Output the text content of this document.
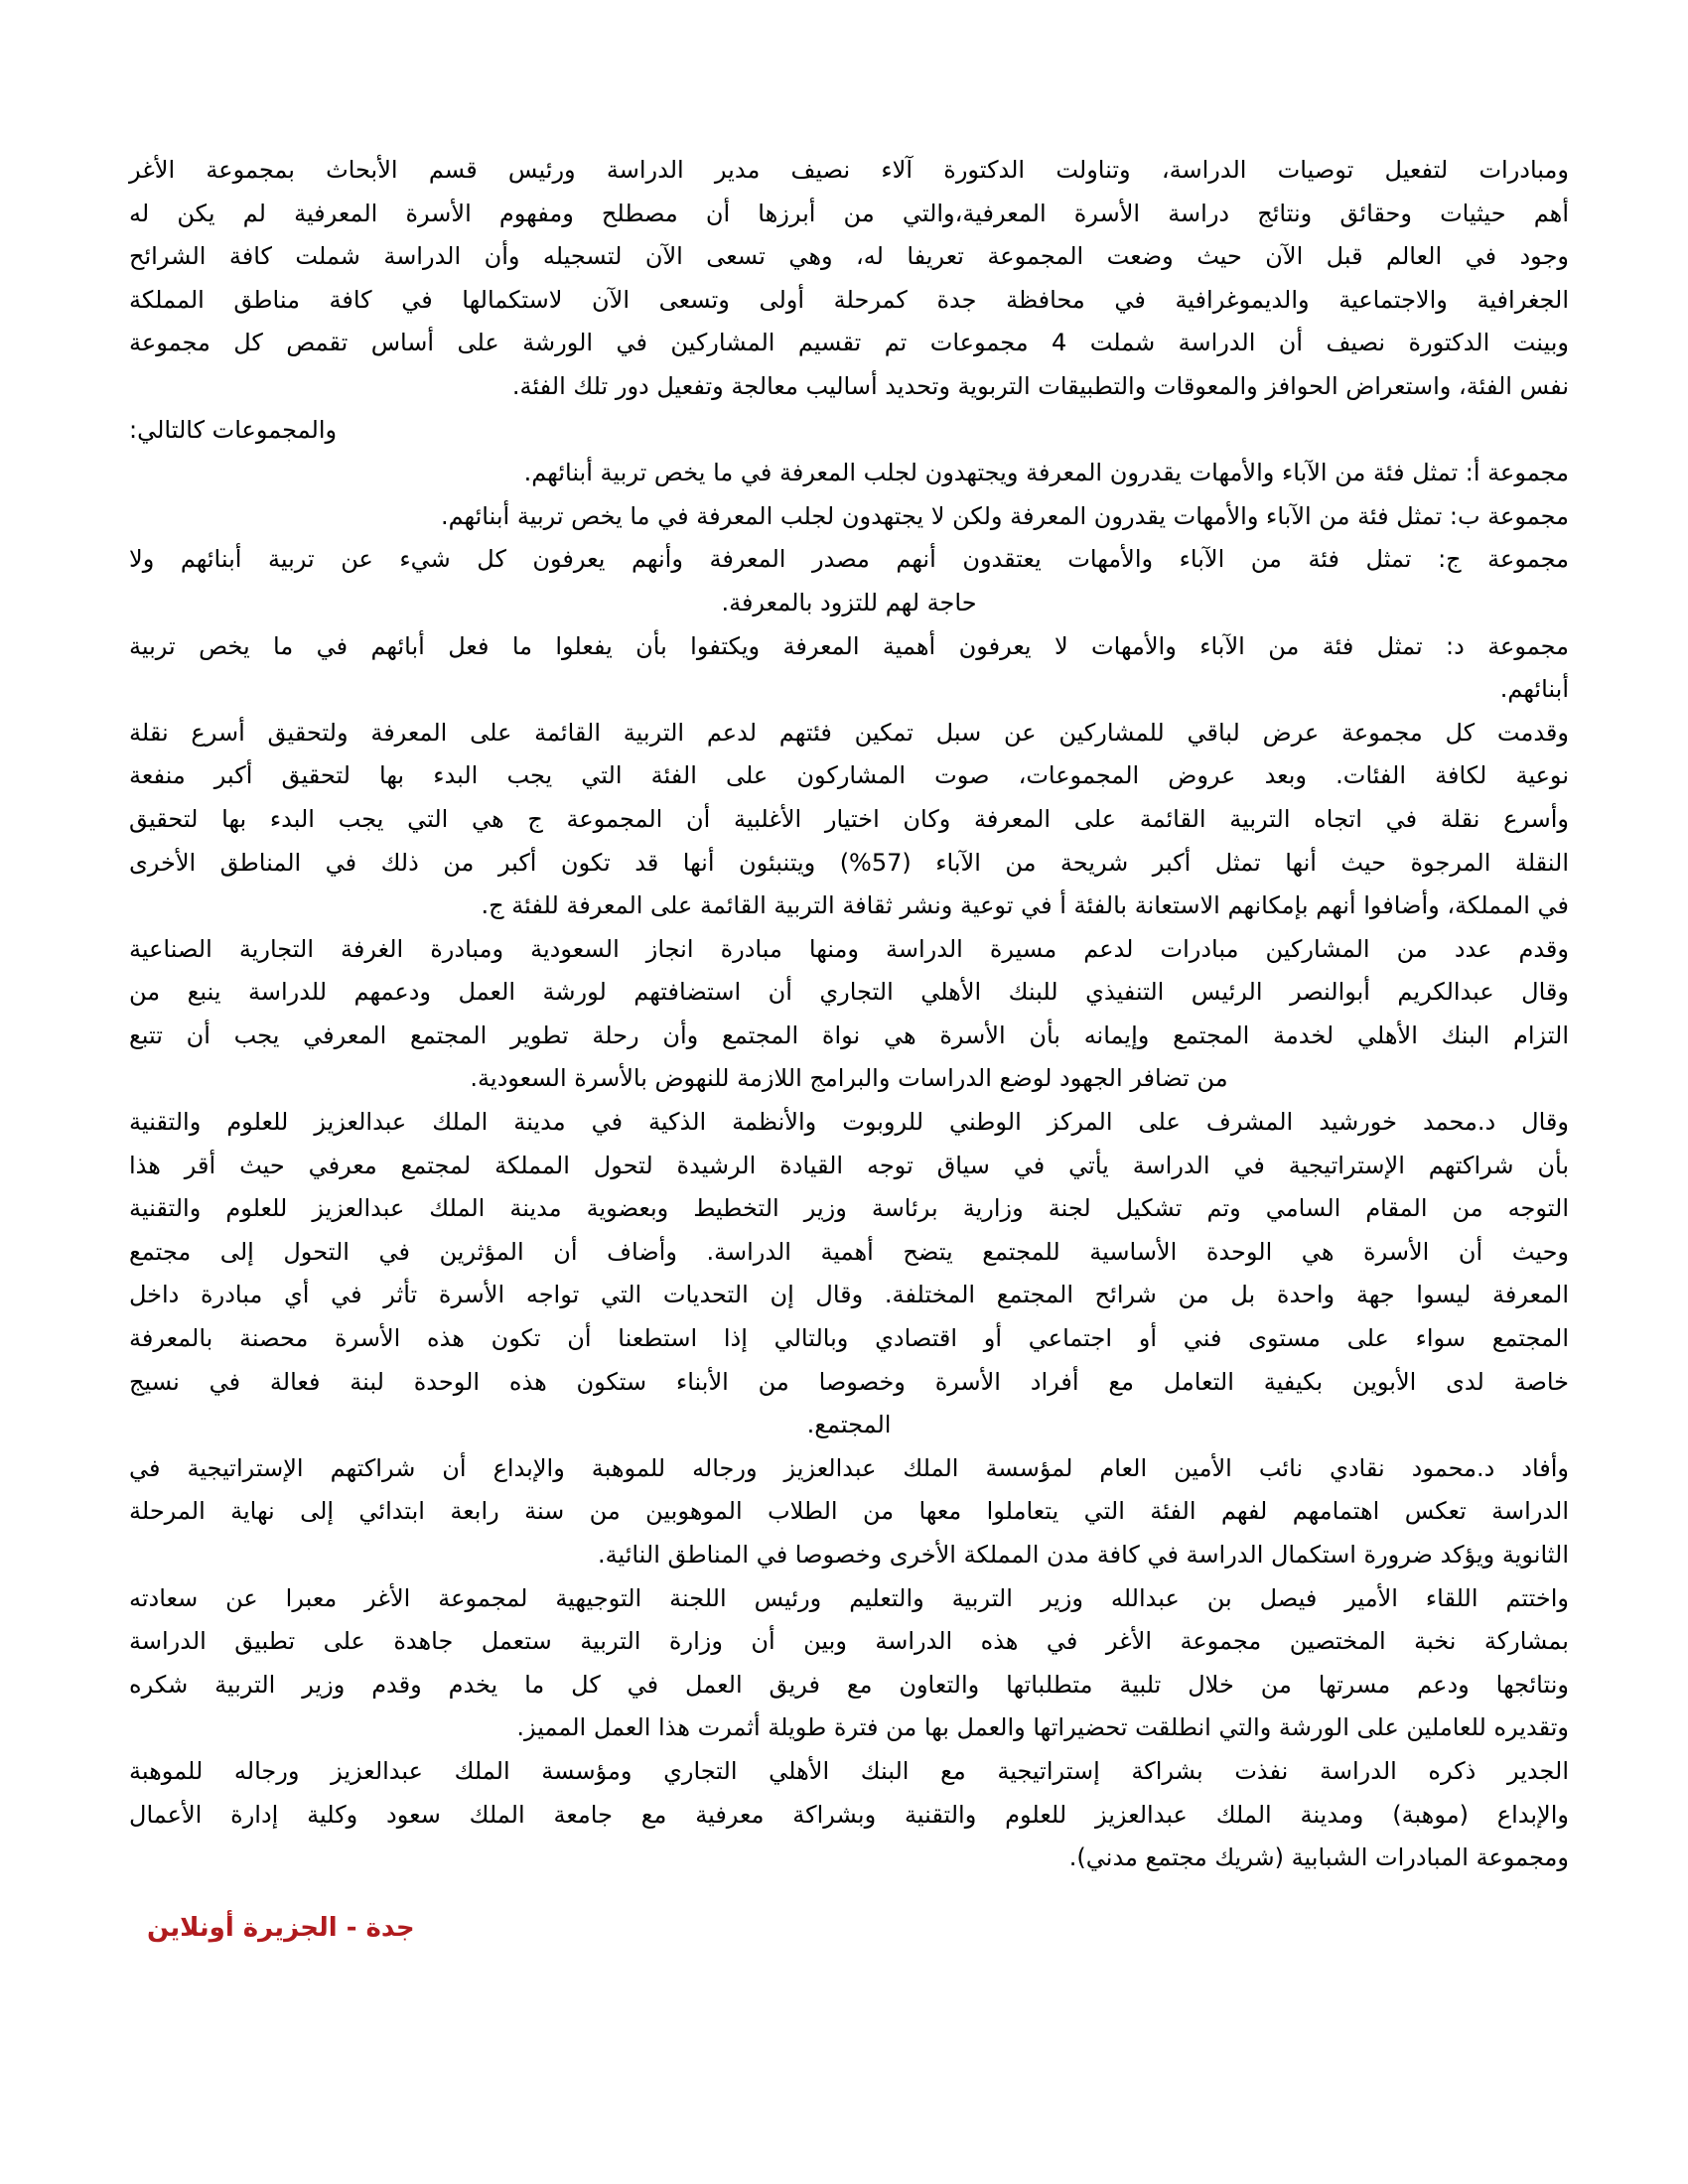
ومبادرات لتفعيل توصيات الدراسة، وتناولت الدكتورة آلاء نصيف مدير الدراسة ورئيس قسم الأبحاث بمجموعة الأغر
أهم حيثيات وحقائق ونتائج دراسة الأسرة المعرفية،والتي من أبرزها أن مصطلح ومفهوم الأسرة المعرفية لم يكن له
وجود في العالم قبل الآن حيث وضعت المجموعة تعريفا له، وهي تسعى الآن لتسجيله وأن الدراسة شملت كافة الشرائح
الجغرافية والاجتماعية والديموغرافية في محافظة جدة كمرحلة أولى وتسعى الآن لاستكمالها في كافة مناطق المملكة
وبينت الدكتورة نصيف أن الدراسة شملت 4 مجموعات تم تقسيم المشاركين في الورشة على أساس تقمص كل مجموعة
نفس الفئة، واستعراض الحوافز والمعوقات والتطبيقات التربوية وتحديد أساليب معالجة وتفعيل دور تلك الفئة.
والمجموعات كالتالي:
مجموعة أ: تمثل فئة من الآباء والأمهات يقدرون المعرفة ويجتهدون لجلب المعرفة في ما يخص تربية أبنائهم.
مجموعة ب: تمثل فئة من الآباء والأمهات يقدرون المعرفة ولكن لا يجتهدون لجلب المعرفة في ما يخص تربية أبنائهم.
مجموعة ج: تمثل فئة من الآباء والأمهات يعتقدون أنهم مصدر المعرفة وأنهم يعرفون كل شيء عن تربية أبنائهم ولا
حاجة لهم للتزود بالمعرفة.
مجموعة د: تمثل فئة من الآباء والأمهات لا يعرفون أهمية المعرفة ويكتفوا بأن يفعلوا ما فعل أبائهم في ما يخص تربية
أبنائهم.
وقدمت كل مجموعة عرض لباقي للمشاركين عن سبل تمكين فئتهم لدعم التربية القائمة على المعرفة ولتحقيق أسرع نقلة
نوعية لكافة الفئات. وبعد عروض المجموعات، صوت المشاركون على الفئة التي يجب البدء بها لتحقيق أكبر منفعة
وأسرع نقلة في اتجاه التربية القائمة على المعرفة وكان اختيار الأغلبية أن المجموعة ج هي التي يجب البدء بها لتحقيق
النقلة المرجوة حيث أنها تمثل أكبر شريحة من الآباء (57%) ويتنبئون أنها قد تكون أكبر من ذلك في المناطق الأخرى
في المملكة، وأضافوا أنهم بإمكانهم الاستعانة بالفئة أ في توعية ونشر ثقافة التربية القائمة على المعرفة للفئة ج.
وقدم عدد من المشاركين مبادرات لدعم مسيرة الدراسة ومنها مبادرة انجاز السعودية ومبادرة الغرفة التجارية الصناعية
وقال عبدالكريم أبوالنصر الرئيس التنفيذي للبنك الأهلي التجاري أن استضافتهم لورشة العمل ودعمهم للدراسة ينبع من
التزام البنك الأهلي لخدمة المجتمع وإيمانه بأن الأسرة هي نواة المجتمع وأن رحلة تطوير المجتمع المعرفي يجب أن تتبع
من تضافر الجهود لوضع الدراسات والبرامج اللازمة للنهوض بالأسرة السعودية.
وقال د.محمد خورشيد المشرف على المركز الوطني للروبوت والأنظمة الذكية في مدينة الملك عبدالعزيز للعلوم والتقنية
بأن شراكتهم الإستراتيجية في الدراسة يأتي في سياق توجه القيادة الرشيدة لتحول المملكة لمجتمع معرفي حيث أقر هذا
التوجه من المقام السامي وتم تشكيل لجنة وزارية برئاسة وزير التخطيط وبعضوية مدينة الملك عبدالعزيز للعلوم والتقنية
وحيث أن الأسرة هي الوحدة الأساسية للمجتمع يتضح أهمية الدراسة. وأضاف أن المؤثرين في التحول إلى مجتمع
المعرفة ليسوا جهة واحدة بل من شرائح المجتمع المختلفة. وقال إن التحديات التي تواجه الأسرة تأثر في أي مبادرة داخل
المجتمع سواء على مستوى فني أو اجتماعي أو اقتصادي وبالتالي إذا استطعنا أن تكون هذه الأسرة محصنة بالمعرفة
خاصة لدى الأبوين بكيفية التعامل مع أفراد الأسرة وخصوصا من الأبناء ستكون هذه الوحدة لبنة فعالة في نسيج
المجتمع.
وأفاد د.محمود نقادي نائب الأمين العام لمؤسسة الملك عبدالعزيز ورجاله للموهبة والإبداع أن شراكتهم الإستراتيجية في
الدراسة تعكس اهتمامهم لفهم الفئة التي يتعاملوا معها من الطلاب الموهوبين من سنة رابعة ابتدائي إلى نهاية المرحلة
الثانوية ويؤكد ضرورة استكمال الدراسة في كافة مدن المملكة الأخرى وخصوصا في المناطق النائية.
واختتم اللقاء الأمير فيصل بن عبدالله وزير التربية والتعليم ورئيس اللجنة التوجيهية لمجموعة الأغر معبرا عن سعادته
بمشاركة نخبة المختصين مجموعة الأغر في هذه الدراسة وبين أن وزارة التربية ستعمل جاهدة على تطبيق الدراسة
ونتائجها ودعم مسرتها من خلال تلبية متطلباتها والتعاون مع فريق العمل في كل ما يخدم وقدم وزير التربية شكره
وتقديره للعاملين على الورشة والتي انطلقت تحضيراتها والعمل بها من فترة طويلة أثمرت هذا العمل المميز.
الجدير ذكره الدراسة نفذت بشراكة إستراتيجية مع البنك الأهلي التجاري ومؤسسة الملك عبدالعزيز ورجاله للموهبة
والإبداع (موهبة) ومدينة الملك عبدالعزيز للعلوم والتقنية وبشراكة معرفية مع جامعة الملك سعود وكلية إدارة الأعمال
ومجموعة المبادرات الشبابية (شريك مجتمع مدني).
جدة - الجزيرة أونلاين
